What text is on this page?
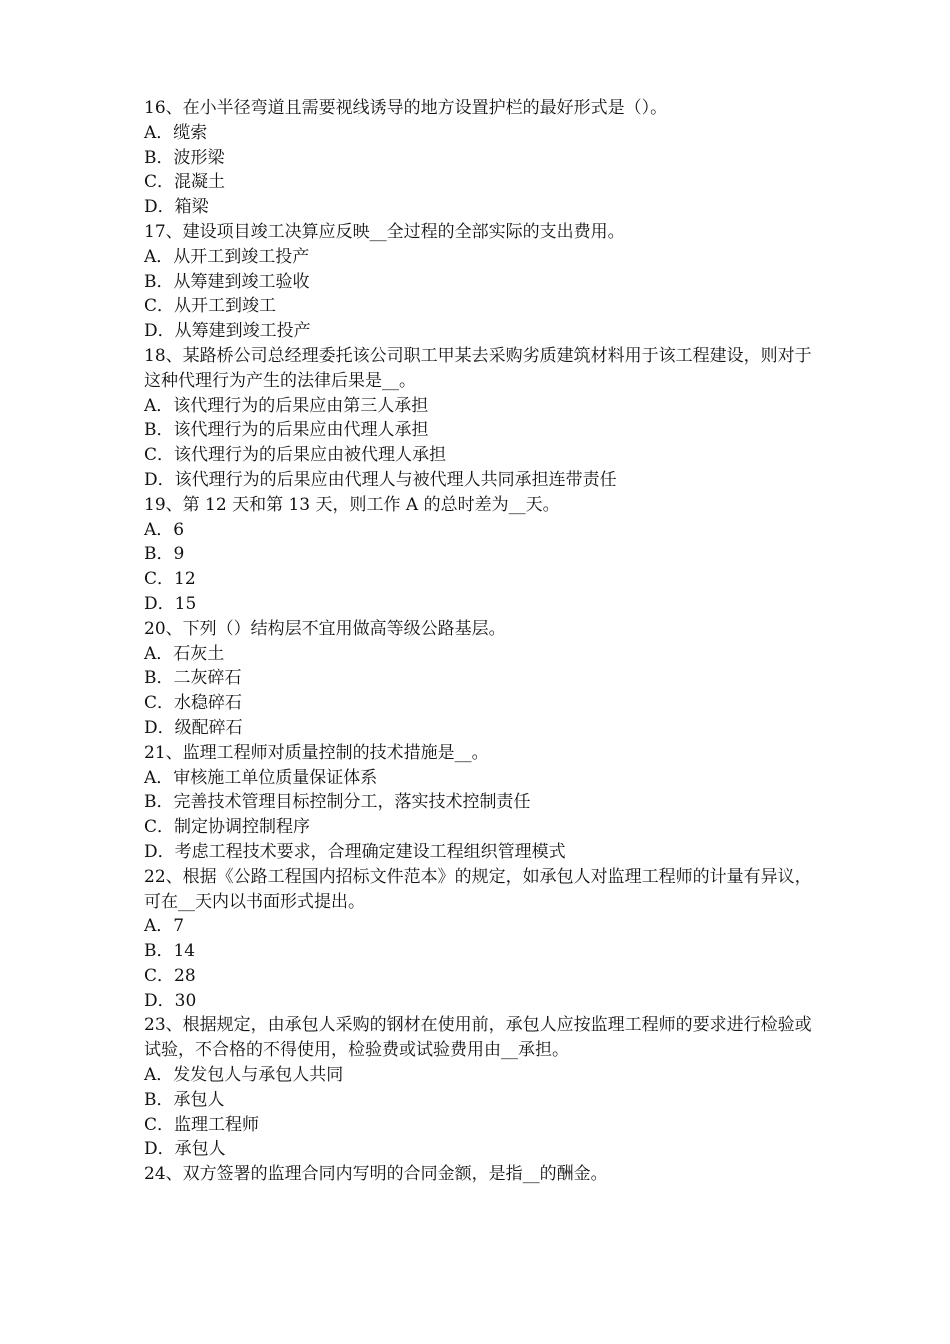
16、在小半径弯道且需要视线诱导的地方设置护栏的最好形式是（）。

A．缆索

B．波形梁

C．混凝土

D．箱梁

17、建设项目竣工决算应反映__全过程的全部实际的支出费用。

A．从开工到竣工投产

B．从筹建到竣工验收

C．从开工到竣工

D．从筹建到竣工投产

18、某路桥公司总经理委托该公司职工甲某去采购劣质建筑材料用于该工程建设，则对于这种代理行为产生的法律后果是__。

A．该代理行为的后果应由第三人承担

B．该代理行为的后果应由代理人承担

C．该代理行为的后果应由被代理人承担

D．该代理行为的后果应由代理人与被代理人共同承担连带责任

19、第 12 天和第 13 天，则工作 A 的总时差为__天。

A．6

B．9

C．12

D．15

20、下列（）结构层不宜用做高等级公路基层。

A．石灰土

B．二灰碎石

C．水稳碎石

D．级配碎石

21、监理工程师对质量控制的技术措施是__。

A．审核施工单位质量保证体系

B．完善技术管理目标控制分工，落实技术控制责任

C．制定协调控制程序

D．考虑工程技术要求，合理确定建设工程组织管理模式

22、根据《公路工程国内招标文件范本》的规定，如承包人对监理工程师的计量有异议，可在__天内以书面形式提出。

A．7

B．14

C．28

D．30

23、根据规定，由承包人采购的钢材在使用前，承包人应按监理工程师的要求进行检验或试验，不合格的不得使用，检验费或试验费用由__承担。

A．发发包人与承包人共同

B．承包人

C．监理工程师

D．承包人

24、双方签署的监理合同内写明的合同金额，是指__的酬金。
